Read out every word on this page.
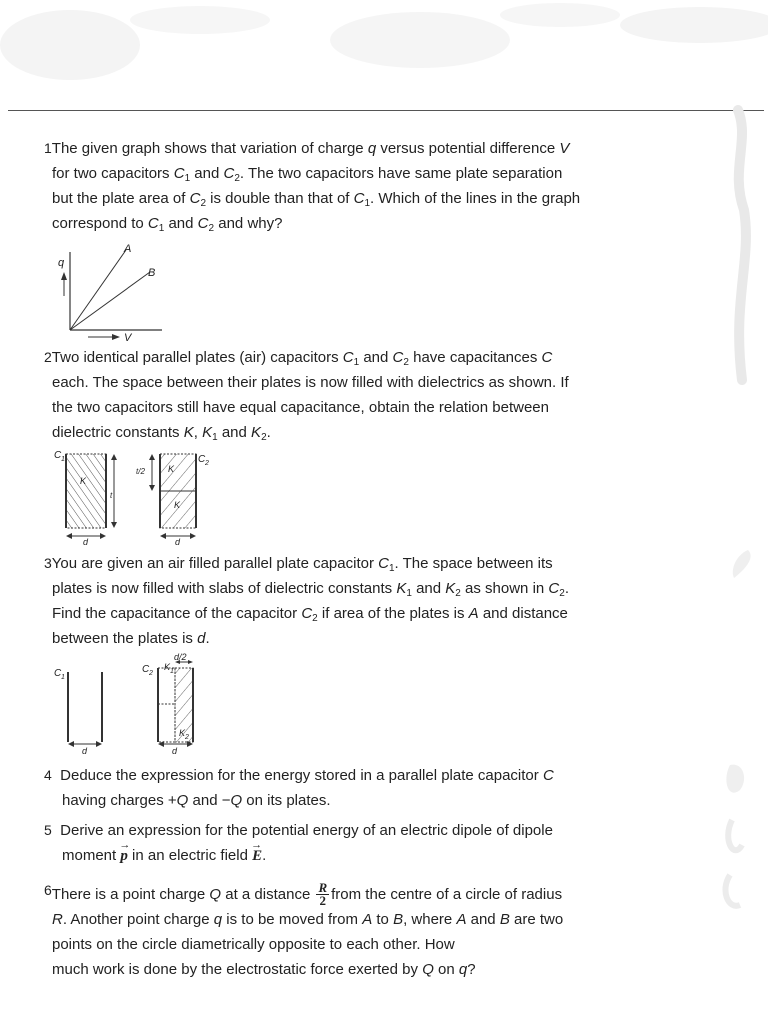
1The given graph shows that variation of charge q versus potential difference V
for two capacitors $C_1$ and $C_2$. The two capacitors have same plate separation
but the plate area of $C_2$ is double than that of $C_1$. Which of the lines in the graph
correspond to $C_1$ and $C_2$ and why?
A
B
q
V
2Two identical parallel plates (air) capacitors $C_1$ and $C_2$ have capacitances C
each. The space between their plates is now filled with dielectrics as shown. If
the two capacitors still have equal capacitance, obtain the relation between
dielectric constants K, $K_1$ and $K_2$.
C 1
K
t
d
C 2
K
K
t/2
d
3You are given an air filled parallel plate capacitor $C_1$. The space between its
plates is now filled with slabs of dielectric constants $K_1$ and $K_2$ as shown in $C_2$.
Find the capacitance of the capacitor $C_2$ if area of the plates is A and distance
between the plates is d.
C 1
d
C 2
K 1
K 2
d/2
d
4 Deduce the expression for the energy stored in a parallel plate capacitor C
having charges +Q and −Q on its plates.
5 Derive an expression for the potential energy of an electric dipole of dipole
moment → p in an electric field → E.
6There is a point charge Q at a distance $\frac{R}{2}$ from the centre of a circle of radius
R. Another point charge q is to be moved from A to B, where A and B are two
points on the circle diametrically opposite to each other. How
much work is done by the electrostatic force exerted by Q on q?
